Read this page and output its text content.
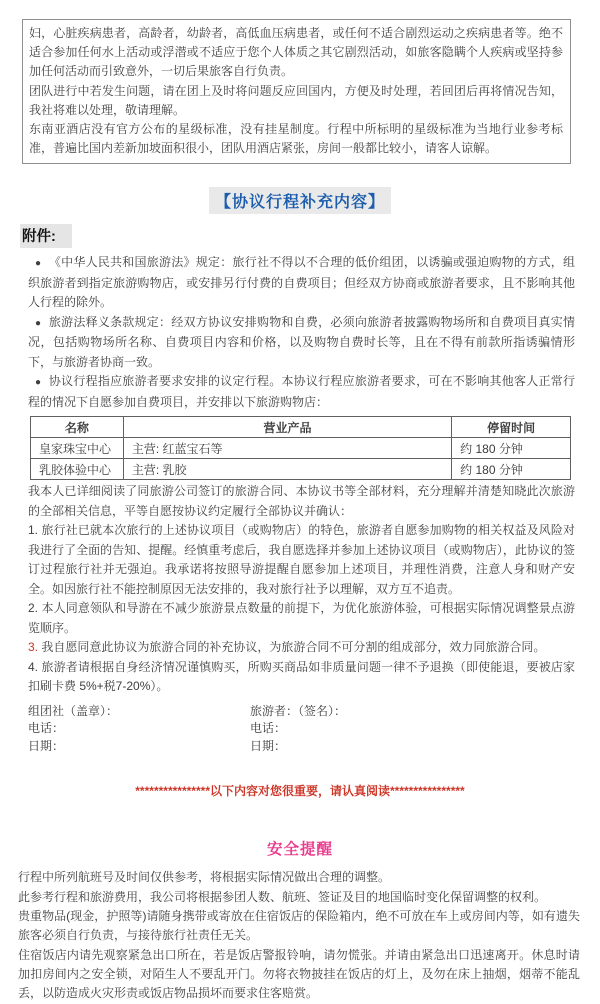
妇，心脏疾病患者，高龄者，幼龄者，高低血压病患者，或任何不适合剧烈运动之疾病患者等。绝不适合参加任何水上活动或浮潜或不适应于您个人体质之其它剧烈活动，如旅客隐瞒个人疾病或坚持参加任何活动而引致意外，一切后果旅客自行负责。

团队进行中若发生问题，请在团上及时将问题反应回国内，方便及时处理，若回团后再将情况告知，我社将难以处理，敬请理解。

东南亚酒店没有官方公布的星级标准，没有挂星制度。行程中所标明的星级标准为当地行业参考标准，普遍比国内差新加坡面积很小，团队用酒店紧张，房间一般都比较小，请客人谅解。

【协议行程补充内容】
附件:

● 《中华人民共和国旅游法》规定：旅行社不得以不合理的低价组团，以诱骗或强迫购物的方式，组织旅游者到指定旅游购物店，或安排另行付费的自费项目；但经双方协商或旅游者要求，且不影响其他人行程的除外。

● 旅游法释义条款规定：经双方协议安排购物和自费，必须向旅游者披露购物场所和自费项目真实情况，包括购物场所名称、自费项目内容和价格，以及购物自费时长等，且在不得有前款所指诱骗情形下，与旅游者协商一致。

● 协议行程指应旅游者要求安排的议定行程。本协议行程应旅游者要求，可在不影响其他客人正常行程的情况下自愿参加自费项目，并安排以下旅游购物店：

名称	营业产品	停留时间
皇家珠宝中心	主营: 红蓝宝石等	约 180 分钟
乳胶体验中心	主营: 乳胶	约 180 分钟

我本人已详细阅读了同旅游公司签订的旅游合同、本协议书等全部材料，充分理解并清楚知晓此次旅游的全部相关信息，平等自愿按协议约定履行全部协议并确认：

1. 旅行社已就本次旅行的上述协议项目（或购物店）的特色，旅游者自愿参加购物的相关权益及风险对我进行了全面的告知、提醒。经慎重考虑后，我自愿选择并参加上述协议项目（或购物店），此协议的签订过程旅行社并无强迫。我承诺将按照导游提醒自愿参加上述项目，并理性消费，注意人身和财产安全。如因旅行社不能控制原因无法安排的，我对旅行社予以理解，双方互不追责。

2. 本人同意领队和导游在不减少旅游景点数量的前提下，为优化旅游体验，可根据实际情况调整景点游览顺序。

3. 我自愿同意此协议为旅游合同的补充协议，为旅游合同不可分割的组成部分，效力同旅游合同。

4. 旅游者请根据自身经济情况谨慎购买，所购买商品如非质量问题一律不予退换（即使能退，要被店家扣刷卡费 5%+税7-20%）。

组团社（盖章）：

电话：

日期：

旅游者：（签名）：

电话：

日期：

****************以下内容对您很重要，请认真阅读****************

安全提醒

行程中所列航班号及时间仅供参考，将根据实际情况做出合理的调整。

此参考行程和旅游费用，我公司将根据参团人数、航班、签证及目的地国临时变化保留调整的权利。

贵重物品(现金，护照等)请随身携带或寄放在住宿饭店的保险箱内，绝不可放在车上或房间内等，如有遗失旅客必须自行负责，与接待旅行社责任无关。

住宿饭店内请先观察紧急出口所在，若是饭店警报铃响，请勿慌张。并请由紧急出口迅速离开。休息时请加扣房间内之安全锁，对陌生人不要乱开门。勿将衣物披挂在饭店的灯上，及勿在床上抽烟，烟蒂不能乱丢，以防造成火灾形责或饭店物品损坏而要求住客赔赏。
